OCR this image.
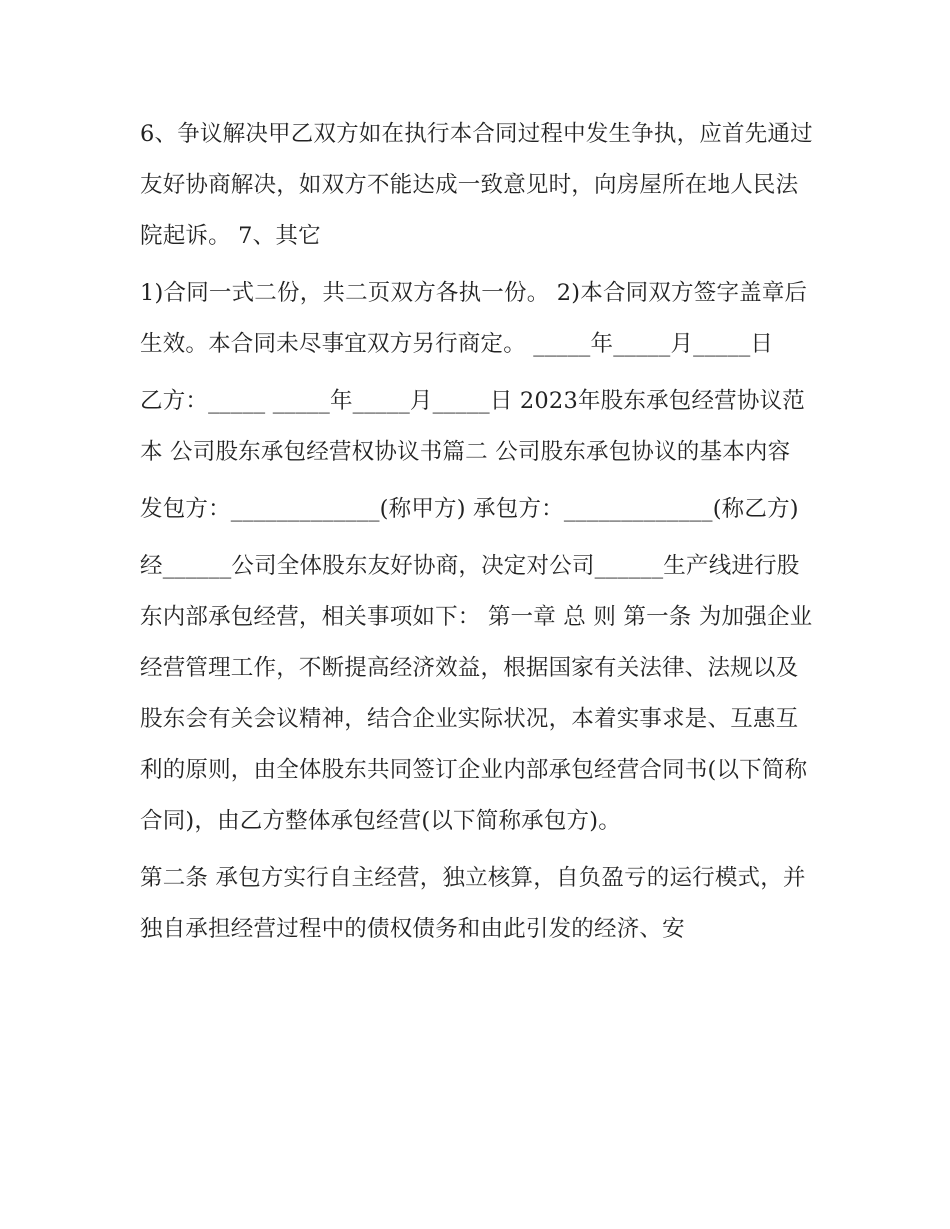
6、争议解决甲乙双方如在执行本合同过程中发生争执，应首先通过友好协商解决，如双方不能达成一致意见时，向房屋所在地人民法院起诉。 7、其它

1)合同一式二份，共二页双方各执一份。 2)本合同双方签字盖章后生效。本合同未尽事宜双方另行商定。 _____年_____月_____日

乙方：_____ _____年_____月_____日 2023年股东承包经营协议范本 公司股东承包经营权协议书篇二 公司股东承包协议的基本内容

发包方：_____________(称甲方) 承包方：_____________(称乙方)

经______公司全体股东友好协商，决定对公司______生产线进行股东内部承包经营，相关事项如下： 第一章 总 则 第一条 为加强企业经营管理工作，不断提高经济效益，根据国家有关法律、法规以及股东会有关会议精神，结合企业实际状况，本着实事求是、互惠互利的原则，由全体股东共同签订企业内部承包经营合同书(以下简称合同)，由乙方整体承包经营(以下简称承包方)。

第二条 承包方实行自主经营，独立核算，自负盈亏的运行模式，并独自承担经营过程中的债权债务和由此引发的经济、安
